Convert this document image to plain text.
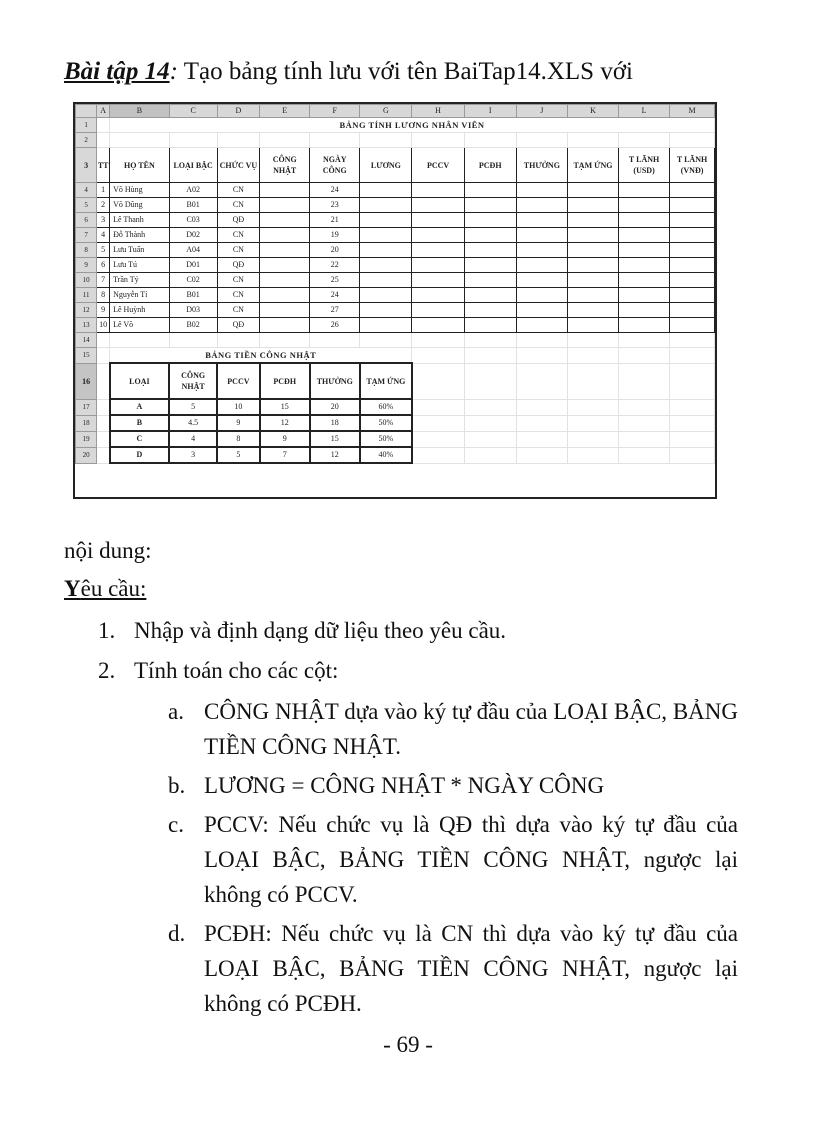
Bài tập 14: Tạo bảng tính lưu với tên BaiTap14.XLS với
	A	B	C	D	E	F	G	H	I	J	K	L	M
1		BẢNG TÍNH LƯƠNG NHÂN VIÊN											
2													
3	TT	HỌ TÊN	LOẠI BẬC	CHỨC VỤ	CÔNG NHẬT	NGÀY CÔNG	LƯƠNG	PCCV	PCĐH	THƯỞNG	TẠM ỨNG	T LÃNH (USD)	T LÃNH (VNĐ)
4	1	Võ Hùng	A02	CN		24							
5	2	Võ Dũng	B01	CN		23							
6	3	Lê Thanh	C03	QĐ		21							
7	4	Đỗ Thành	D02	CN		19							
8	5	Lưu Tuấn	A04	CN		20							
9	6	Lưu Tú	D01	QĐ		22							
10	7	Trần Tý	C02	CN		25							
11	8	Nguyễn Tí	B01	CN		24							
12	9	Lê Huỳnh	D03	CN		27							
13	10	Lê Võ	B02	QĐ		26							
14													
15		BẢNG TIỀN CÔNG NHẬT											
16		LOẠI	CÔNG NHẬT	PCCV	PCĐH	THƯỞNG	TẠM ỨNG						
17		A	5	10	15	20	60%						
18		B	4.5	9	12	18	50%						
19		C	4	8	9	15	50%						
20		D	3	5	7	12	40%						
nội dung:
Yêu cầu:
1. Nhập và định dạng dữ liệu theo yêu cầu.
2. Tính toán cho các cột:
a. CÔNG NHẬT dựa vào ký tự đầu của LOẠI BẬC, BẢNG TIỀN CÔNG NHẬT.
b. LƯƠNG = CÔNG NHẬT * NGÀY CÔNG
c. PCCV: Nếu chức vụ là QĐ thì dựa vào ký tự đầu của LOẠI BẬC, BẢNG TIỀN CÔNG NHẬT, ngược lại không có PCCV.
d. PCĐH: Nếu chức vụ là CN thì dựa vào ký tự đầu của LOẠI BẬC, BẢNG TIỀN CÔNG NHẬT, ngược lại không có PCĐH.
- 69 -
